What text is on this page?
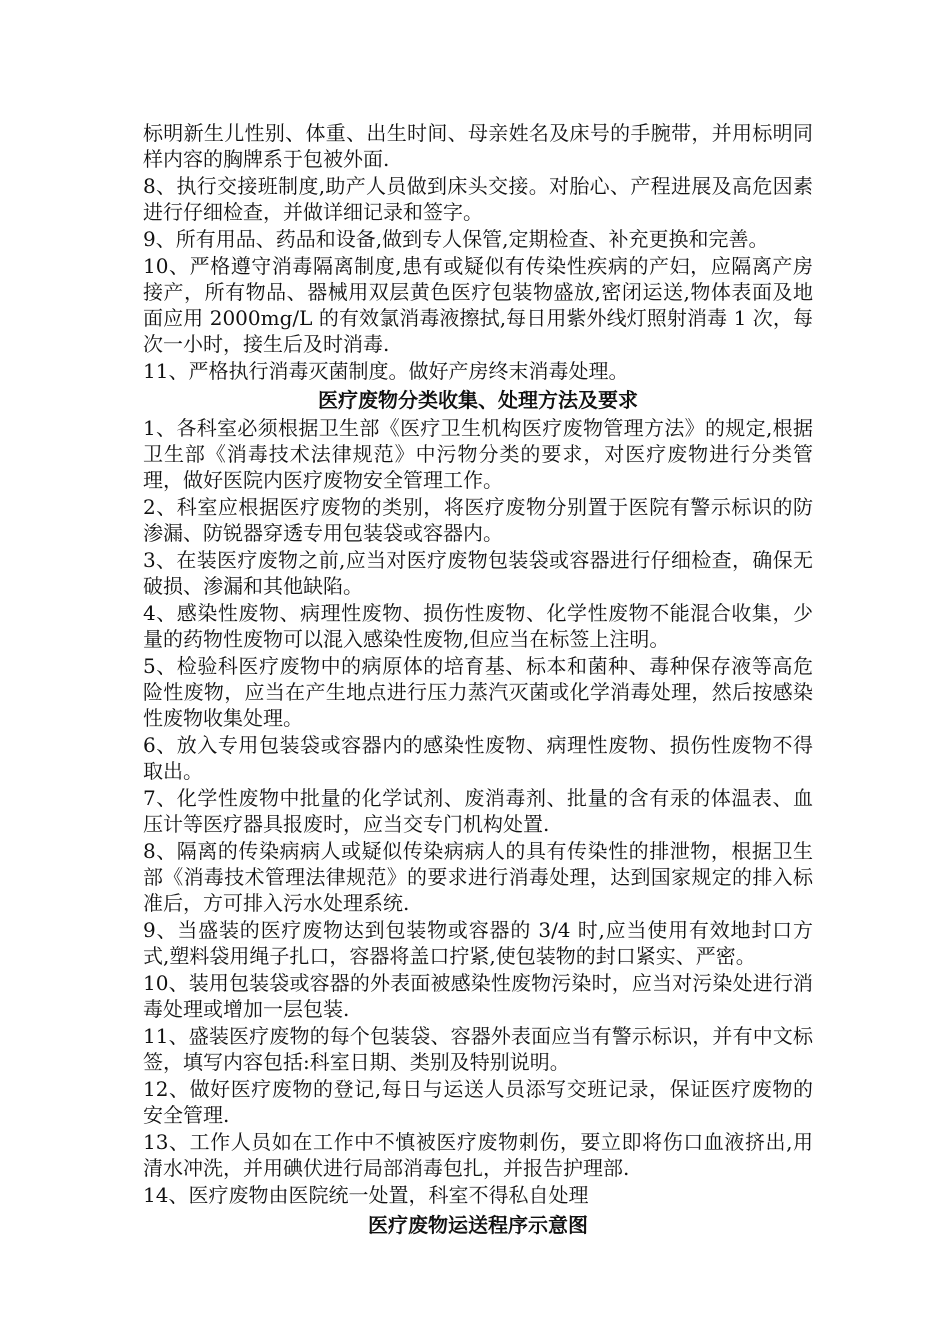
标明新生儿性别、体重、出生时间、母亲姓名及床号的手腕带，并用标明同样内容的胸牌系于包被外面.

8、执行交接班制度,助产人员做到床头交接。对胎心、产程进展及高危因素进行仔细检查，并做详细记录和签字。

9、所有用品、药品和设备,做到专人保管,定期检查、补充更换和完善。

10、严格遵守消毒隔离制度,患有或疑似有传染性疾病的产妇，应隔离产房接产，所有物品、器械用双层黄色医疗包装物盛放,密闭运送,物体表面及地面应用 2000mg/L 的有效氯消毒液擦拭,每日用紫外线灯照射消毒 1 次，每次一小时，接生后及时消毒.

11、严格执行消毒灭菌制度。做好产房终末消毒处理。

医疗废物分类收集、处理方法及要求

1、各科室必须根据卫生部《医疗卫生机构医疗废物管理方法》的规定,根据卫生部《消毒技术法律规范》中污物分类的要求，对医疗废物进行分类管理，做好医院内医疗废物安全管理工作。

2、科室应根据医疗废物的类别，将医疗废物分别置于医院有警示标识的防渗漏、防锐器穿透专用包装袋或容器内。

3、在装医疗废物之前,应当对医疗废物包装袋或容器进行仔细检查，确保无破损、渗漏和其他缺陷。

4、感染性废物、病理性废物、损伤性废物、化学性废物不能混合收集，少量的药物性废物可以混入感染性废物,但应当在标签上注明。

5、检验科医疗废物中的病原体的培育基、标本和菌种、毒种保存液等高危险性废物，应当在产生地点进行压力蒸汽灭菌或化学消毒处理，然后按感染性废物收集处理。

6、放入专用包装袋或容器内的感染性废物、病理性废物、损伤性废物不得取出。

7、化学性废物中批量的化学试剂、废消毒剂、批量的含有汞的体温表、血压计等医疗器具报废时，应当交专门机构处置.

8、隔离的传染病病人或疑似传染病病人的具有传染性的排泄物，根据卫生部《消毒技术管理法律规范》的要求进行消毒处理，达到国家规定的排入标准后，方可排入污水处理系统.

9、当盛装的医疗废物达到包装物或容器的 3/4 时,应当使用有效地封口方式,塑料袋用绳子扎口，容器将盖口拧紧,使包装物的封口紧实、严密。

10、装用包装袋或容器的外表面被感染性废物污染时，应当对污染处进行消毒处理或增加一层包装.

11、盛装医疗废物的每个包装袋、容器外表面应当有警示标识，并有中文标签，填写内容包括:科室日期、类别及特别说明。

12、做好医疗废物的登记,每日与运送人员添写交班记录，保证医疗废物的安全管理.

13、工作人员如在工作中不慎被医疗废物刺伤，要立即将伤口血液挤出,用清水冲洗，并用碘伏进行局部消毒包扎，并报告护理部.

14、医疗废物由医院统一处置，科室不得私自处理

医疗废物运送程序示意图
